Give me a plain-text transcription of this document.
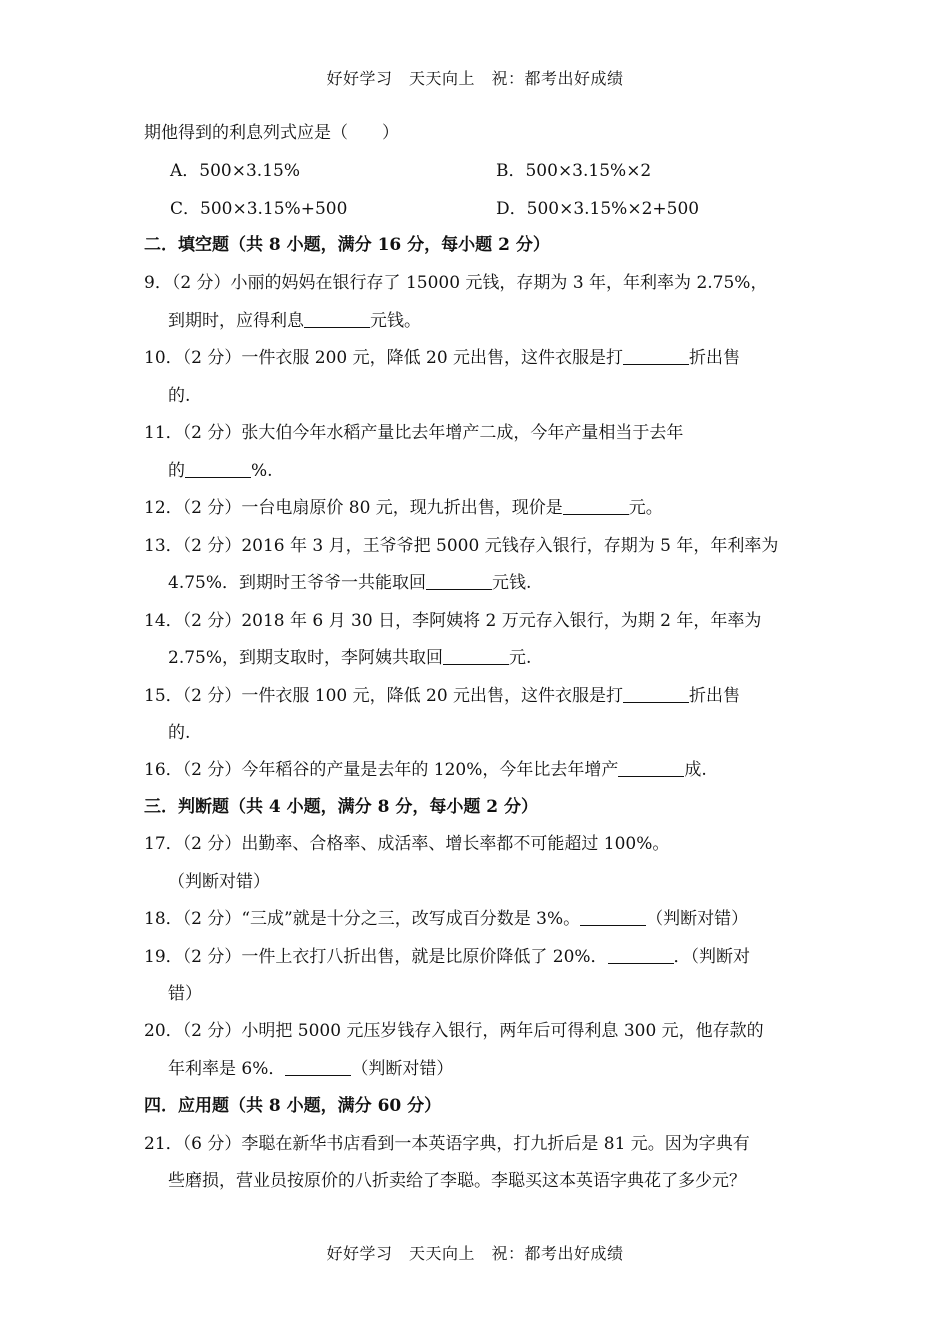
好好学习　天天向上　祝：都考出好成绩
期他得到的利息列式应是（　　）
A．500×3.15%	B．500×3.15%×2
C．500×3.15%+500	D．500×3.15%×2+500
二．填空题（共 8 小题，满分 16 分，每小题 2 分）
9．（2 分）小丽的妈妈在银行存了 15000 元钱，存期为 3 年，年利率为 2.75%，
到期时，应得利息	元钱。
10．（2 分）一件衣服 200 元，降低 20 元出售，这件衣服是打	折出售
的.
11．（2 分）张大伯今年水稻产量比去年增产二成，今年产量相当于去年
的	%.
12．（2 分）一台电扇原价 80 元，现九折出售，现价是	元。
13．（2 分）2016 年 3 月，王爷爷把 5000 元钱存入银行，存期为 5 年，年利率为
4.75%．到期时王爷爷一共能取回	元钱.
14．（2 分）2018 年 6 月 30 日，李阿姨将 2 万元存入银行，为期 2 年，年率为
2.75%，到期支取时，李阿姨共取回	元.
15．（2 分）一件衣服 100 元，降低 20 元出售，这件衣服是打	折出售
的.
16．（2 分）今年稻谷的产量是去年的 120%，今年比去年增产	成.
三．判断题（共 4 小题，满分 8 分，每小题 2 分）
17．（2 分）出勤率、合格率、成活率、增长率都不可能超过 100%。
（判断对错）
18．（2 分）“三成”就是十分之三，改写成百分数是 3%。	（判断对错）
19．（2 分）一件上衣打八折出售，就是比原价降低了 20%．	．（判断对
错）
20．（2 分）小明把 5000 元压岁钱存入银行，两年后可得利息 300 元，他存款的
年利率是 6%．	（判断对错）
四．应用题（共 8 小题，满分 60 分）
21．（6 分）李聪在新华书店看到一本英语字典，打九折后是 81 元。因为字典有
些磨损，营业员按原价的八折卖给了李聪。李聪买这本英语字典花了多少元？
好好学习　天天向上　祝：都考出好成绩
